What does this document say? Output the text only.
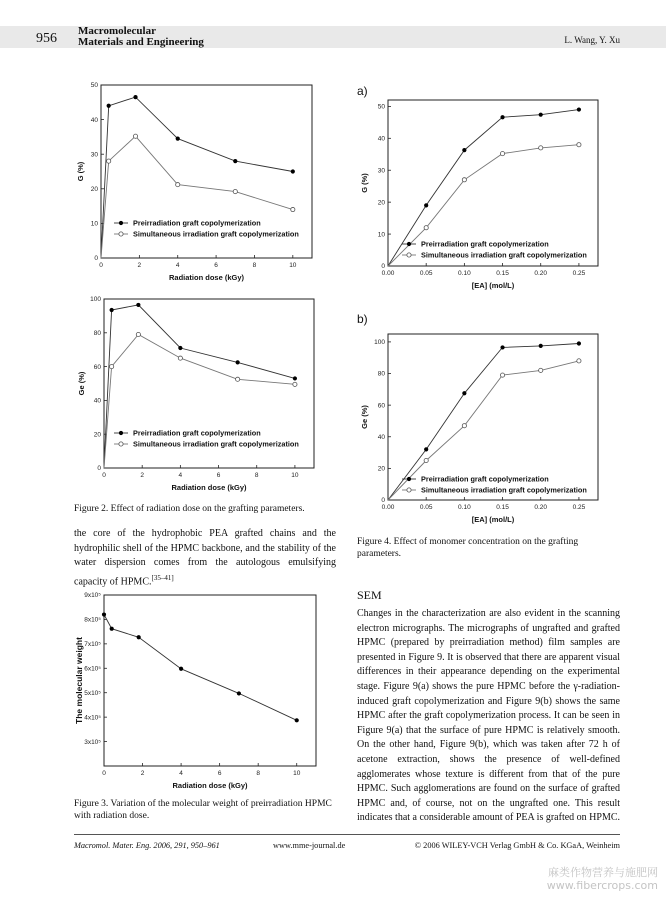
956 Macromolecular
Materials and Engineering	L. Wang, Y. Xu
0	2	4	6	8	10
0
10
20
30
40
50
Radiation dose (kGy)
G (%)
Preirradiation graft copolymerization
Simultaneous irradiation graft copolymerization
0	2	4	6	8	10
0
20
40
60
80
100
Radiation dose (kGy)
Ge (%)
Preirradiation graft copolymerization
Simultaneous irradiation graft copolymerization
Figure 2. Effect of radiation dose on the grafting parameters.

the core of the hydrophobic PEA grafted chains and the hydrophilic shell of the HPMC backbone, and the stability of the water dispersion comes from the autologous emulsifying capacity of HPMC.[35–41]

0	2	4	6	8	10
3x10⁵
4x10⁵
5x10⁵
6x10⁵
7x10⁵
8x10⁵
9x10⁵
Radiation dose (kGy)
The molecular weight
Figure 3. Variation of the molecular weight of preirradiation HPMC with radiation dose.
a)
0.00	0.05	0.10	0.15	0.20	0.25
0
10
20
30
40
50
[EA] (mol/L)
G (%)
Preirradiation graft copolymerization
Simultaneous irradiation graft copolymerization
b)
0.00	0.05	0.10	0.15	0.20	0.25
0
20
40
60
80
100
[EA] (mol/L)
Ge (%)
Preirradiation graft copolymerization
Simultaneous irradiation graft copolymerization
Figure 4. Effect of monomer concentration on the grafting parameters.
SEM

Changes in the characterization are also evident in the scanning electron micrographs. The micrographs of ungrafted and grafted HPMC (prepared by preirradiation method) film samples are presented in Figure 9. It is observed that there are apparent visual differences in their appearance depending on the experimental stage. Figure 9(a) shows the pure HPMC before the γ-radiation-induced graft copolymerization and Figure 9(b) shows the same HPMC after the graft copolymerization process. It can be seen in Figure 9(a) that the surface of pure HPMC is relatively smooth. On the other hand, Figure 9(b), which was taken after 72 h of acetone extraction, shows the presence of well-defined agglomerates whose texture is different from that of the pure HPMC. Such agglomerations are found on the surface of grafted HPMC and, of course, not on the ungrafted one. This result indicates that a considerable amount of PEA is grafted on HPMC.

Macromol. Mater. Eng. 2006, 291, 950–961	www.mme-journal.de	© 2006 WILEY-VCH Verlag GmbH & Co. KGaA, Weinheim
麻类作物营养与施肥网
www.fibercrops.com
